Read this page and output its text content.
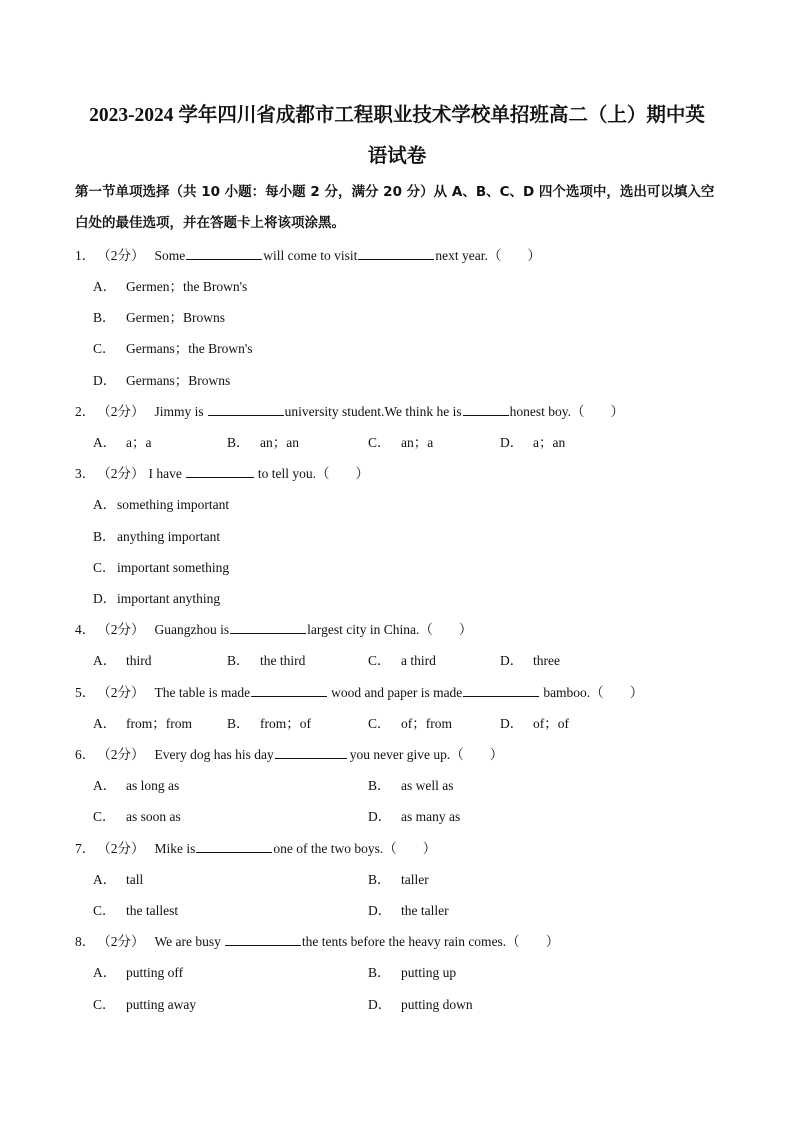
2023-2024 学年四川省成都市工程职业技术学校单招班高二（上）期中英
语试卷
第一节单项选择（共 10 小题：每小题 2 分，满分 20 分）从 A、B、C、D 四个选项中，选出可以填入空
白处的最佳选项，并在答题卡上将该项涂黑。
1． （2分） Some	will come to visit	next year.（ ）
A． Germen；the Brown's
B． Germen；Browns
C． Germans；the Brown's
D． Germans；Browns
2． （2分） Jimmy is	university student.We think he is	honest boy.（ ）
A． a；a	B． an；an	C． an；a	D． a；an
3． （2分） I have	to tell you.（ ）
A．something important
B．anything important
C．important something
D．important anything
4． （2分） Guangzhou is	largest city in China.（ ）
A． third	B． the third	C． a third	D． three
5． （2分） The table is made	wood and paper is made	bamboo.（ ）
A． from；from	B． from；of	C． of；from	D． of；of
6． （2分） Every dog has his day	you never give up.（ ）
A． as long as	B． as well as
C． as soon as	D． as many as
7． （2分） Mike is	one of the two boys.（ ）
A． tall	B． taller
C． the tallest	D． the taller
8． （2分） We are busy	the tents before the heavy rain comes.（ ）
A． putting off	B． putting up
C． putting away	D． putting down
